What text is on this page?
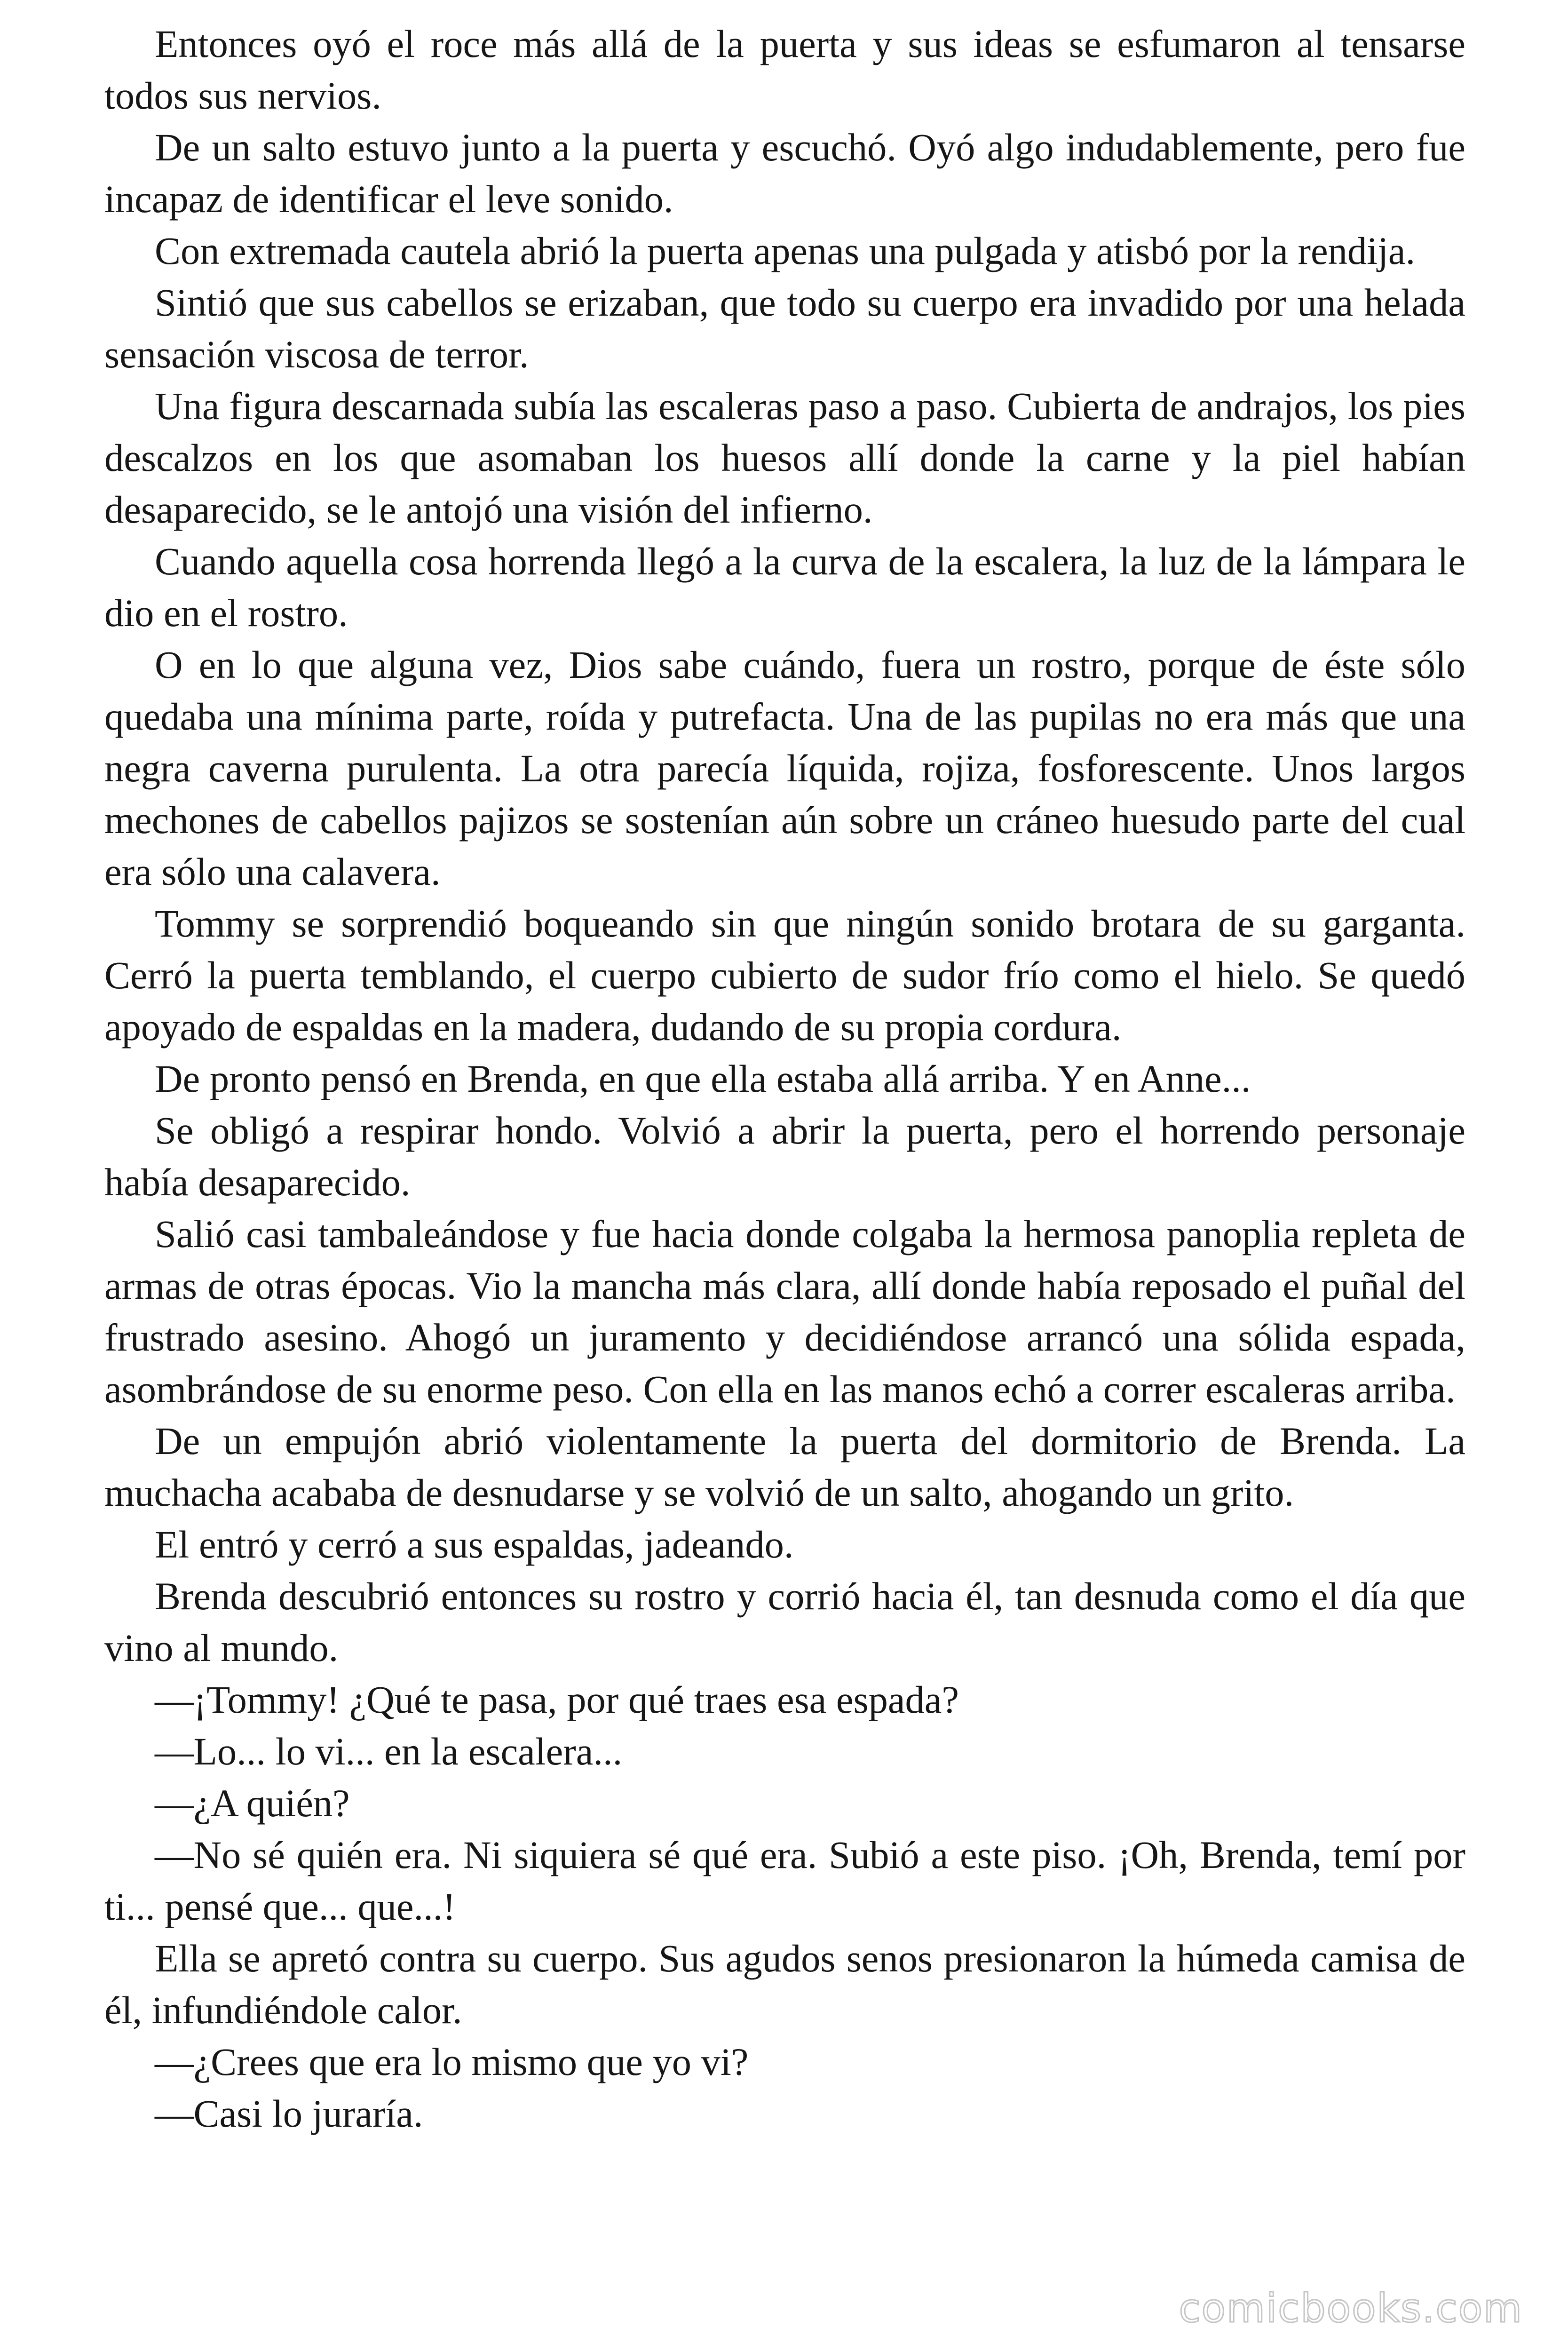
Entonces oyó el roce más allá de la puerta y sus ideas se esfumaron al tensarse todos sus nervios.

De un salto estuvo junto a la puerta y escuchó. Oyó algo indudablemente, pero fue incapaz de identificar el leve sonido.

Con extremada cautela abrió la puerta apenas una pulgada y atisbó por la rendija.

Sintió que sus cabellos se erizaban, que todo su cuerpo era invadido por una helada sensación viscosa de terror.

Una figura descarnada subía las escaleras paso a paso. Cubierta de andrajos, los pies descalzos en los que asomaban los huesos allí donde la carne y la piel habían desaparecido, se le antojó una visión del infierno.

Cuando aquella cosa horrenda llegó a la curva de la escalera, la luz de la lámpara le dio en el rostro.

O en lo que alguna vez, Dios sabe cuándo, fuera un rostro, porque de éste sólo quedaba una mínima parte, roída y putrefacta. Una de las pupilas no era más que una negra caverna purulenta. La otra parecía líquida, rojiza, fosforescente. Unos largos mechones de cabellos pajizos se sostenían aún sobre un cráneo huesudo parte del cual era sólo una calavera.

Tommy se sorprendió boqueando sin que ningún sonido brotara de su garganta. Cerró la puerta temblando, el cuerpo cubierto de sudor frío como el hielo. Se quedó apoyado de espaldas en la madera, dudando de su propia cordura.

De pronto pensó en Brenda, en que ella estaba allá arriba. Y en Anne...

Se obligó a respirar hondo. Volvió a abrir la puerta, pero el horrendo personaje había desaparecido.

Salió casi tambaleándose y fue hacia donde colgaba la hermosa panoplia repleta de armas de otras épocas. Vio la mancha más clara, allí donde había reposado el puñal del frustrado asesino. Ahogó un juramento y decidiéndose arrancó una sólida espada, asombrándose de su enorme peso. Con ella en las manos echó a correr escaleras arriba.

De un empujón abrió violentamente la puerta del dormitorio de Brenda. La muchacha acababa de desnudarse y se volvió de un salto, ahogando un grito.

El entró y cerró a sus espaldas, jadeando.

Brenda descubrió entonces su rostro y corrió hacia él, tan desnuda como el día que vino al mundo.

—¡Tommy! ¿Qué te pasa, por qué traes esa espada?

—Lo... lo vi... en la escalera...

—¿A quién?

—No sé quién era. Ni siquiera sé qué era. Subió a este piso. ¡Oh, Brenda, temí por ti... pensé que... que...!

Ella se apretó contra su cuerpo. Sus agudos senos presionaron la húmeda camisa de él, infundiéndole calor.

—¿Crees que era lo mismo que yo vi?

—Casi lo juraría.

comicbooks.com
